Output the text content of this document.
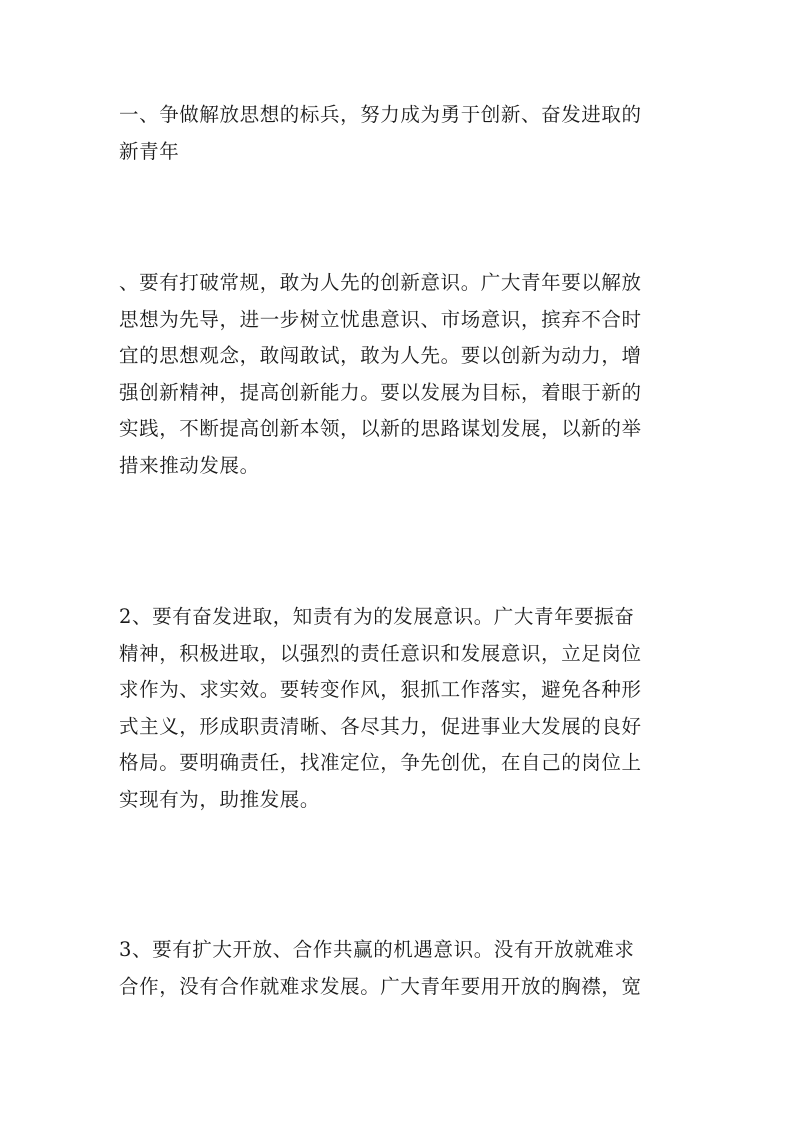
一、争做解放思想的标兵，努力成为勇于创新、奋发进取的
新青年

、要有打破常规，敢为人先的创新意识。广大青年要以解放
思想为先导，进一步树立忧患意识、市场意识，摈弃不合时
宜的思想观念，敢闯敢试，敢为人先。要以创新为动力，增
强创新精神，提高创新能力。要以发展为目标，着眼于新的
实践，不断提高创新本领，以新的思路谋划发展，以新的举
措来推动发展。

2、要有奋发进取，知责有为的发展意识。广大青年要振奋
精神，积极进取，以强烈的责任意识和发展意识，立足岗位
求作为、求实效。要转变作风，狠抓工作落实，避免各种形
式主义，形成职责清晰、各尽其力，促进事业大发展的良好
格局。要明确责任，找准定位，争先创优，在自己的岗位上
实现有为，助推发展。

3、要有扩大开放、合作共赢的机遇意识。没有开放就难求
合作，没有合作就难求发展。广大青年要用开放的胸襟，宽
